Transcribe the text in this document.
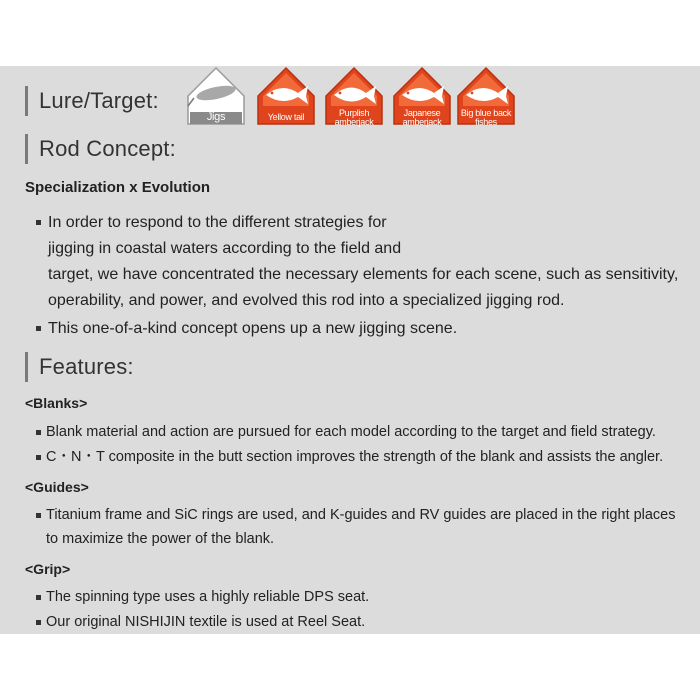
Lure/Target:
Jigs	Yellow tail	Purplish amberjack
Japanese amberjack
Big blue back fishes
Rod Concept:
Specialization x Evolution
In order to respond to the different strategies for
jigging in coastal waters according to the field and
target, we have concentrated the necessary elements for each scene, such as sensitivity,
operability, and power, and evolved this rod into a specialized jigging rod.
This one-of-a-kind concept opens up a new jigging scene.
Features:
<Blanks>
Blank material and action are pursued for each model according to the target and field strategy.
C・N・T composite in the butt section improves the strength of the blank and assists the angler.
<Guides>
Titanium frame and SiC rings are used, and K-guides and RV guides are placed in the right places
to maximize the power of the blank.
<Grip>
The spinning type uses a highly reliable DPS seat.
Our original NISHIJIN textile is used at Reel Seat.
